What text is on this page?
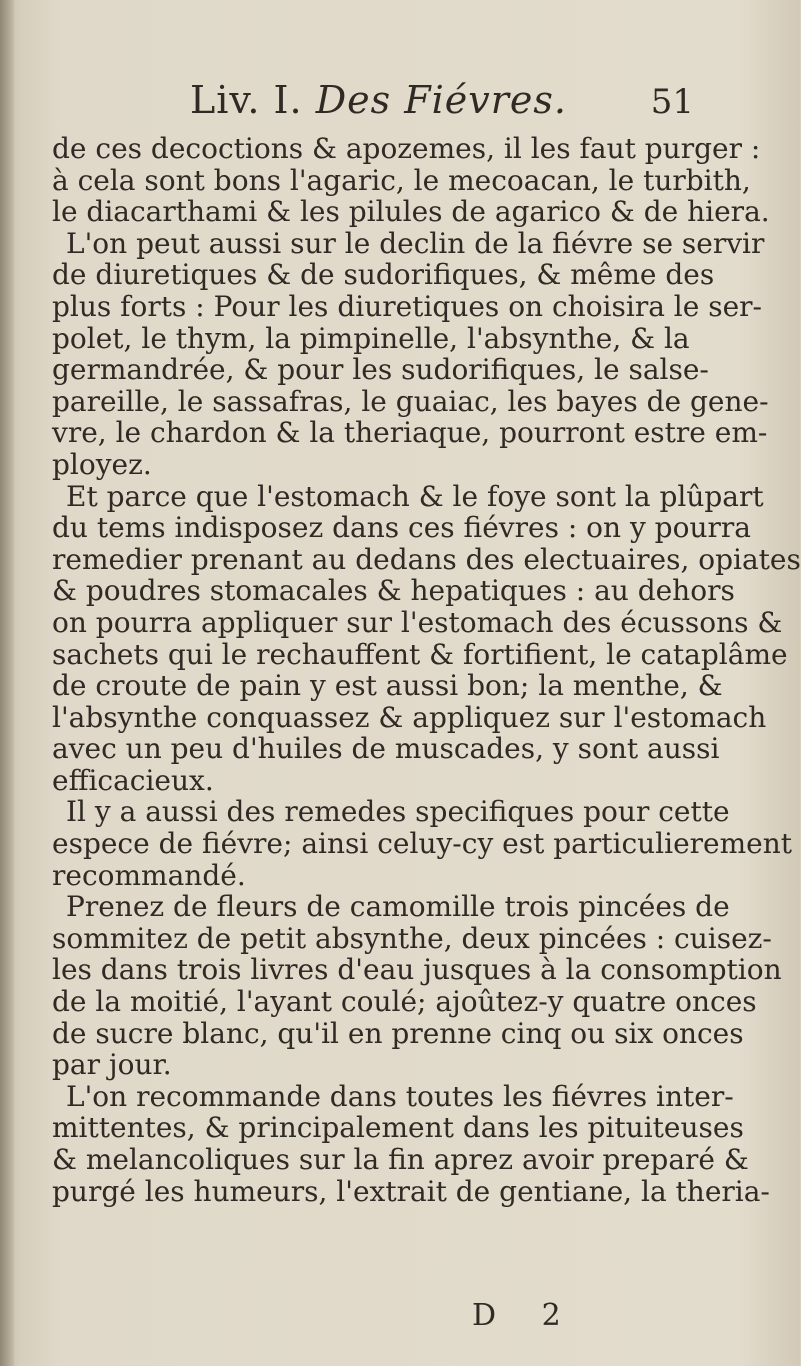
Liv. I. Des Fiévres. 51
de ces decoctions & apozemes, il les faut purger :
à cela sont bons l'agaric, le mecoacan, le turbith,
le diacarthami & les pilules de agarico & de hiera.
L'on peut aussi sur le declin de la fiévre se servir
de diuretiques & de sudorifiques, & même des
plus forts : Pour les diuretiques on choisira le ser-
polet, le thym, la pimpinelle, l'absynthe, & la
germandrée, & pour les sudorifiques, le salse-
pareille, le sassafras, le guaiac, les bayes de gene-
vre, le chardon & la theriaque, pourront estre em-
ployez.
Et parce que l'estomach & le foye sont la plûpart
du tems indisposez dans ces fiévres : on y pourra
remedier prenant au dedans des electuaires, opiates
& poudres stomacales & hepatiques : au dehors
on pourra appliquer sur l'estomach des écussons &
sachets qui le rechauffent & fortifient, le cataplâme
de croute de pain y est aussi bon; la menthe, &
l'absynthe conquassez & appliquez sur l'estomach
avec un peu d'huiles de muscades, y sont aussi
efficacieux.
Il y a aussi des remedes specifiques pour cette
espece de fiévre; ainsi celuy-cy est particulierement
recommandé.
Prenez de fleurs de camomille trois pincées de
sommitez de petit absynthe, deux pincées : cuisez-
les dans trois livres d'eau jusques à la consomption
de la moitié, l'ayant coulé; ajoûtez-y quatre onces
de sucre blanc, qu'il en prenne cinq ou six onces
par jour.
L'on recommande dans toutes les fiévres inter-
mittentes, & principalement dans les pituiteuses
& melancoliques sur la fin aprez avoir preparé &
purgé les humeurs, l'extrait de gentiane, la theria-
D 2
